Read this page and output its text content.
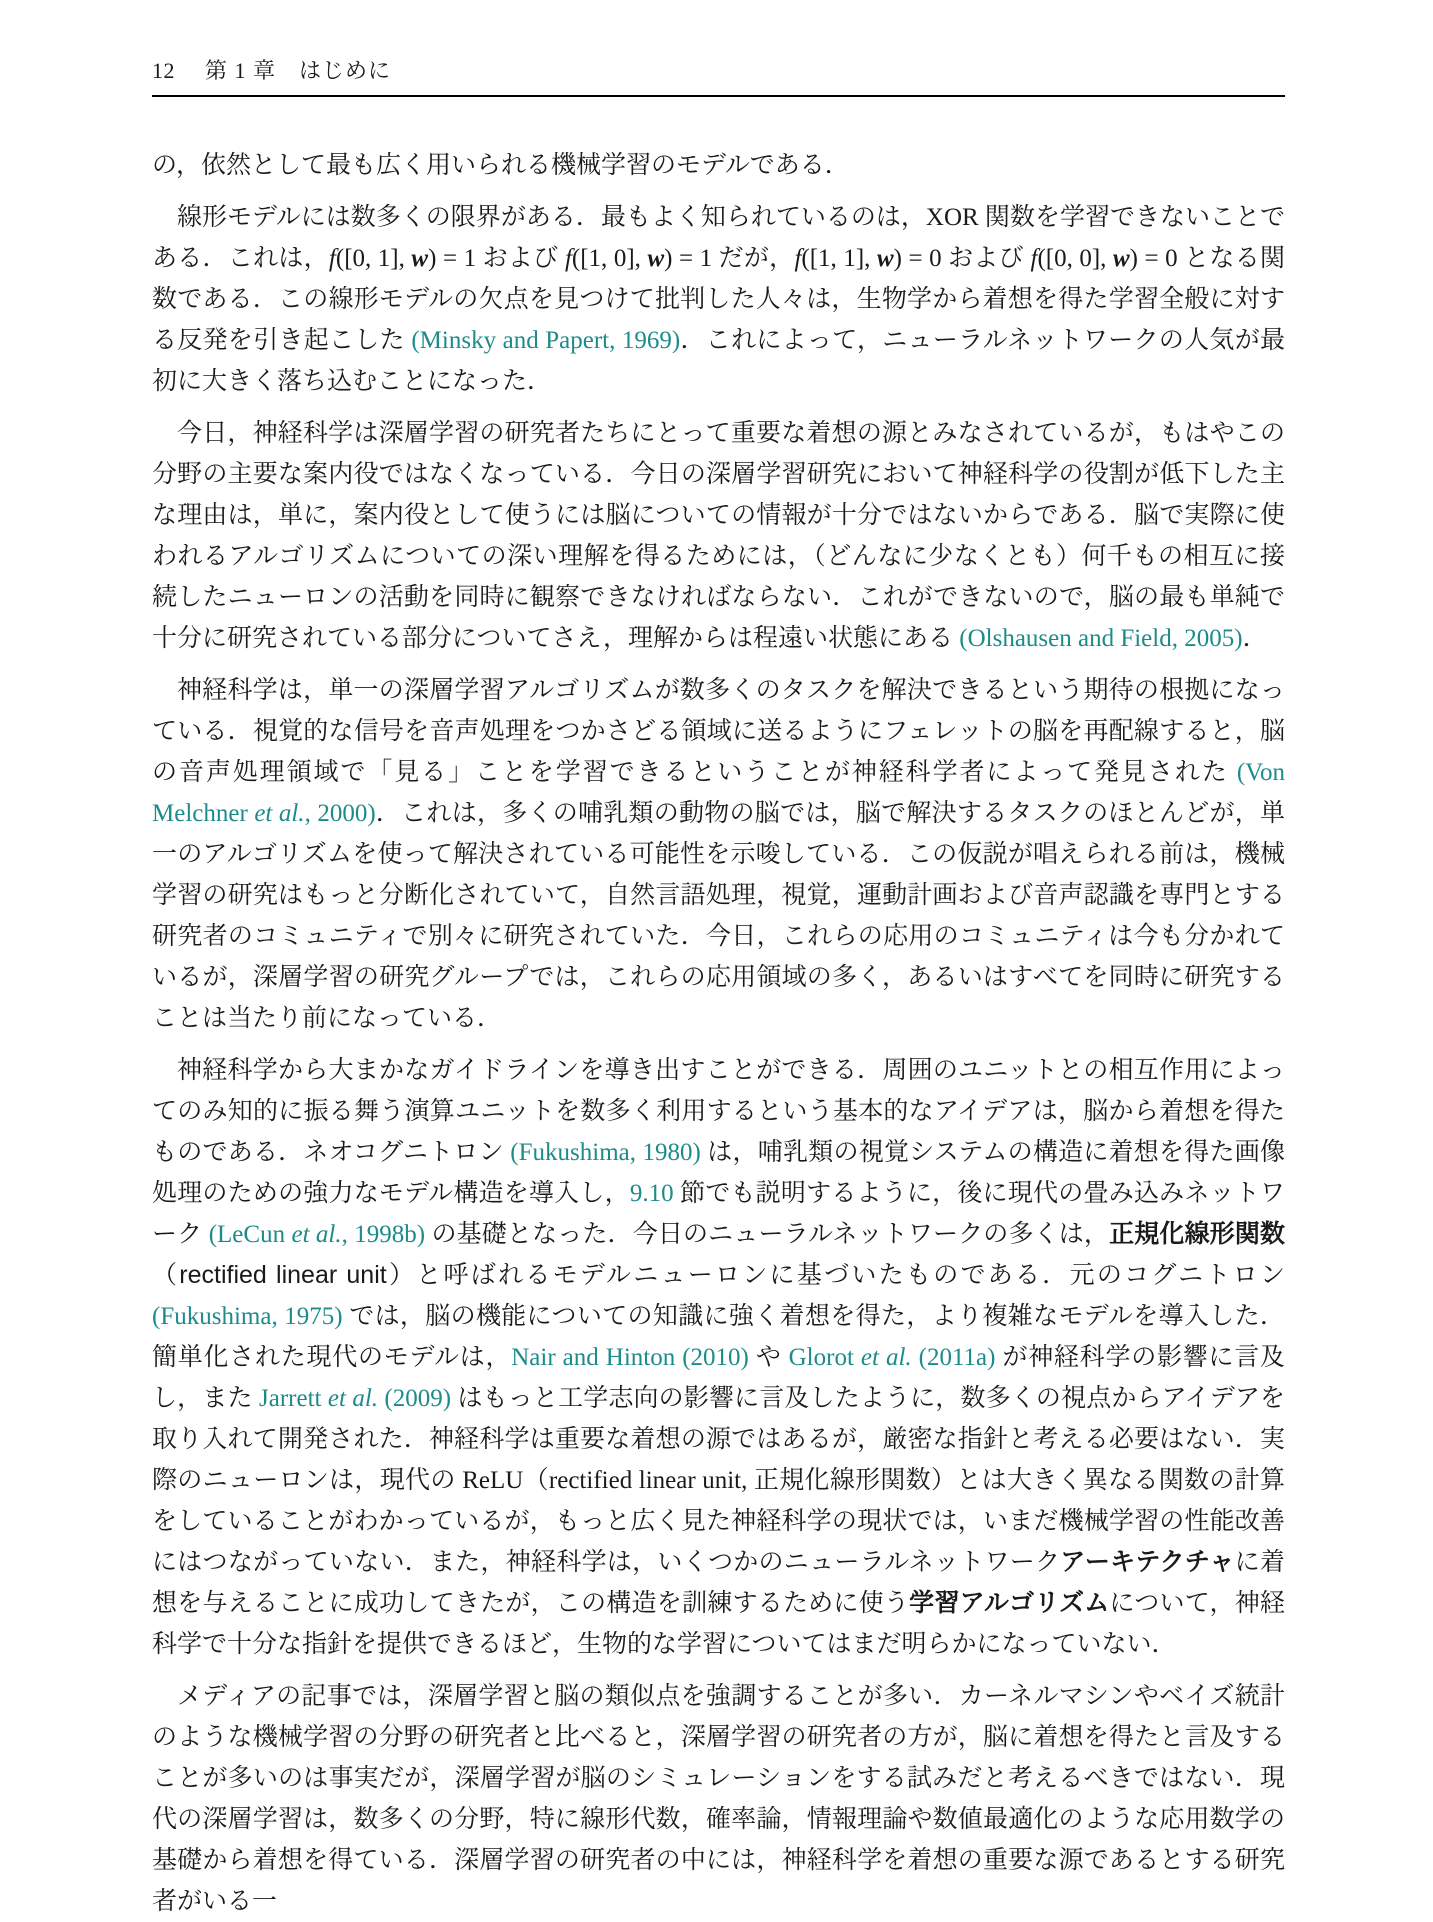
12 第 1 章　はじめに

の，依然として最も広く用いられる機械学習のモデルである．

線形モデルには数多くの限界がある．最もよく知られているのは，XOR 関数を学習できないことである．これは，f([0, 1], w) = 1 および f([1, 0], w) = 1 だが，f([1, 1], w) = 0 および f([0, 0], w) = 0 となる関数である．この線形モデルの欠点を見つけて批判した人々は，生物学から着想を得た学習全般に対する反発を引き起こした (Minsky and Papert, 1969)．これによって，ニューラルネットワークの人気が最初に大きく落ち込むことになった．

今日，神経科学は深層学習の研究者たちにとって重要な着想の源とみなされているが，もはやこの分野の主要な案内役ではなくなっている．今日の深層学習研究において神経科学の役割が低下した主な理由は，単に，案内役として使うには脳についての情報が十分ではないからである．脳で実際に使われるアルゴリズムについての深い理解を得るためには，（どんなに少なくとも）何千もの相互に接続したニューロンの活動を同時に観察できなければならない．これができないので，脳の最も単純で十分に研究されている部分についてさえ，理解からは程遠い状態にある (Olshausen and Field, 2005)．

神経科学は，単一の深層学習アルゴリズムが数多くのタスクを解決できるという期待の根拠になっている．視覚的な信号を音声処理をつかさどる領域に送るようにフェレットの脳を再配線すると，脳の音声処理領域で「見る」ことを学習できるということが神経科学者によって発見された (Von Melchner et al., 2000)．これは，多くの哺乳類の動物の脳では，脳で解決するタスクのほとんどが，単一のアルゴリズムを使って解決されている可能性を示唆している．この仮説が唱えられる前は，機械学習の研究はもっと分断化されていて，自然言語処理，視覚，運動計画および音声認識を専門とする研究者のコミュニティで別々に研究されていた．今日，これらの応用のコミュニティは今も分かれているが，深層学習の研究グループでは，これらの応用領域の多く，あるいはすべてを同時に研究することは当たり前になっている．

神経科学から大まかなガイドラインを導き出すことができる．周囲のユニットとの相互作用によってのみ知的に振る舞う演算ユニットを数多く利用するという基本的なアイデアは，脳から着想を得たものである．ネオコグニトロン (Fukushima, 1980) は，哺乳類の視覚システムの構造に着想を得た画像処理のための強力なモデル構造を導入し，9.10 節でも説明するように，後に現代の畳み込みネットワーク (LeCun et al., 1998b) の基礎となった．今日のニューラルネットワークの多くは，正規化線形関数（rectified linear unit）と呼ばれるモデルニューロンに基づいたものである．元のコグニトロン (Fukushima, 1975) では，脳の機能についての知識に強く着想を得た，より複雑なモデルを導入した．簡単化された現代のモデルは，Nair and Hinton (2010) や Glorot et al. (2011a) が神経科学の影響に言及し，また Jarrett et al. (2009) はもっと工学志向の影響に言及したように，数多くの視点からアイデアを取り入れて開発された．神経科学は重要な着想の源ではあるが，厳密な指針と考える必要はない．実際のニューロンは，現代の ReLU（rectified linear unit, 正規化線形関数）とは大きく異なる関数の計算をしていることがわかっているが，もっと広く見た神経科学の現状では，いまだ機械学習の性能改善にはつながっていない．また，神経科学は，いくつかのニューラルネットワークアーキテクチャに着想を与えることに成功してきたが，この構造を訓練するために使う学習アルゴリズムについて，神経科学で十分な指針を提供できるほど，生物的な学習についてはまだ明らかになっていない．

メディアの記事では，深層学習と脳の類似点を強調することが多い．カーネルマシンやベイズ統計のような機械学習の分野の研究者と比べると，深層学習の研究者の方が，脳に着想を得たと言及することが多いのは事実だが，深層学習が脳のシミュレーションをする試みだと考えるべきではない．現代の深層学習は，数多くの分野，特に線形代数，確率論，情報理論や数値最適化のような応用数学の基礎から着想を得ている．深層学習の研究者の中には，神経科学を着想の重要な源であるとする研究者がいる一
